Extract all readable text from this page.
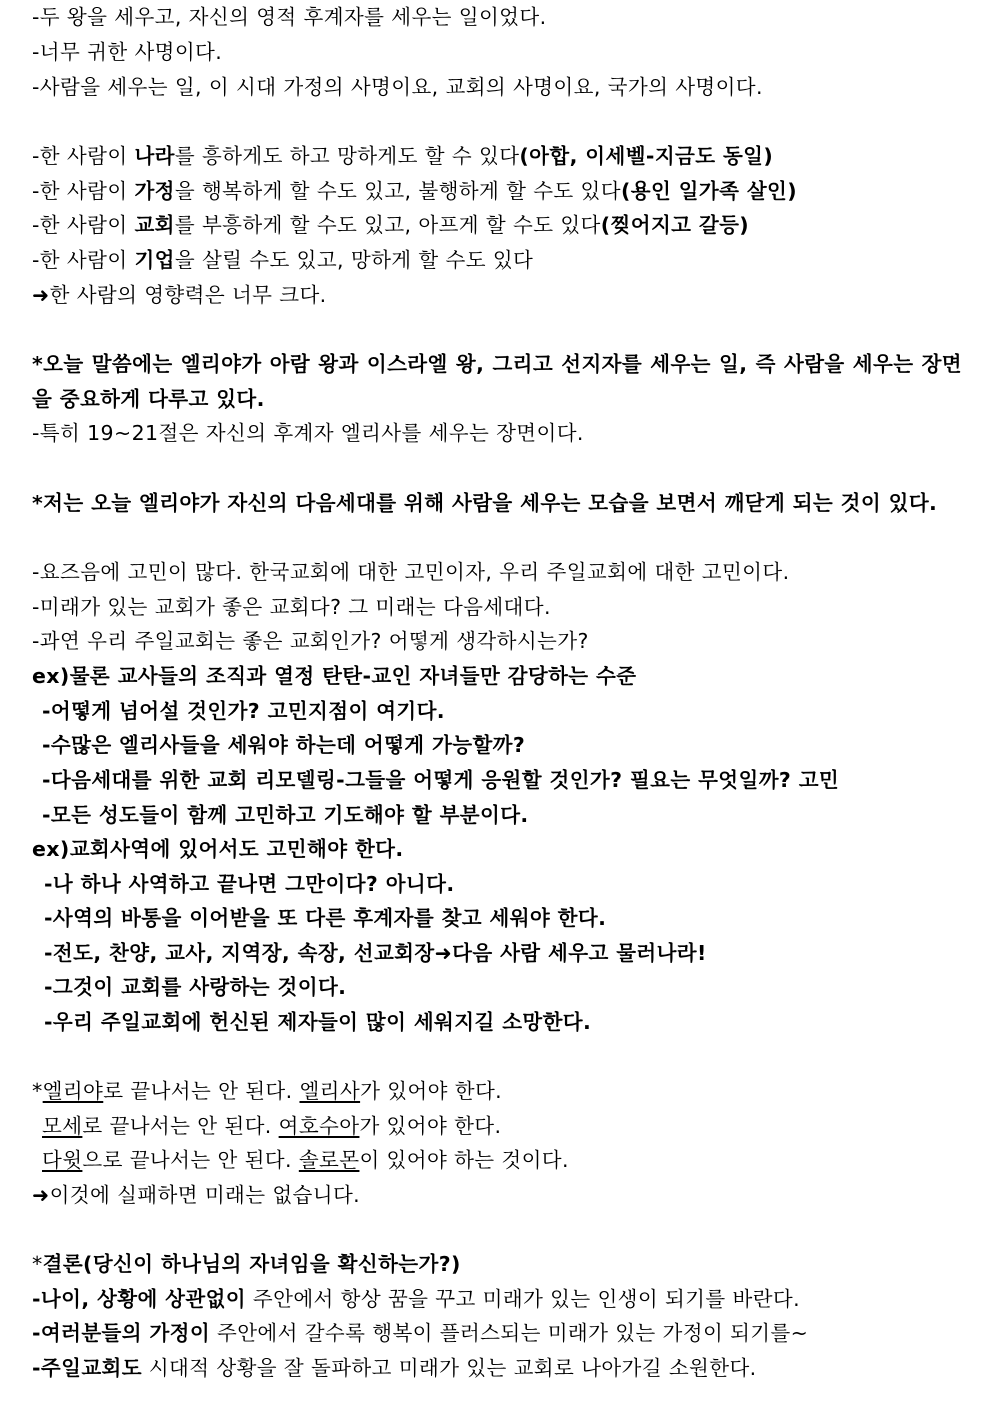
-두 왕을 세우고, 자신의 영적 후계자를 세우는 일이었다.
-너무 귀한 사명이다.
-사람을 세우는 일, 이 시대 가정의 사명이요, 교회의 사명이요, 국가의 사명이다.
-한 사람이 나라를 흥하게도 하고 망하게도 할 수 있다(아합, 이세벨-지금도 동일)
-한 사람이 가정을 행복하게 할 수도 있고, 불행하게 할 수도 있다(용인 일가족 살인)
-한 사람이 교회를 부흥하게 할 수도 있고, 아프게 할 수도 있다(찢어지고 갈등)
-한 사람이 기업을 살릴 수도 있고, 망하게 할 수도 있다
➜한 사람의 영향력은 너무 크다.
*오늘 말씀에는 엘리야가 아람 왕과 이스라엘 왕, 그리고 선지자를 세우는 일, 즉 사람을 세우는 장면을 중요하게 다루고 있다.
-특히 19~21절은 자신의 후계자 엘리사를 세우는 장면이다.
*저는 오늘 엘리야가 자신의 다음세대를 위해 사람을 세우는 모습을 보면서 깨닫게 되는 것이 있다.
-요즈음에 고민이 많다. 한국교회에 대한 고민이자, 우리 주일교회에 대한 고민이다.
-미래가 있는 교회가 좋은 교회다? 그 미래는 다음세대다.
-과연 우리 주일교회는 좋은 교회인가? 어떻게 생각하시는가?
ex)물론 교사들의 조직과 열정 탄탄-교인 자녀들만 감당하는 수준
-어떻게 넘어설 것인가? 고민지점이 여기다.
-수많은 엘리사들을 세워야 하는데 어떻게 가능할까?
-다음세대를 위한 교회 리모델링-그들을 어떻게 응원할 것인가? 필요는 무엇일까? 고민
-모든 성도들이 함께 고민하고 기도해야 할 부분이다.
ex)교회사역에 있어서도 고민해야 한다.
-나 하나 사역하고 끝나면 그만이다? 아니다.
-사역의 바통을 이어받을 또 다른 후계자를 찾고 세워야 한다.
-전도, 찬양, 교사, 지역장, 속장, 선교회장➜다음 사람 세우고 물러나라!
-그것이 교회를 사랑하는 것이다.
-우리 주일교회에 헌신된 제자들이 많이 세워지길 소망한다.
*엘리야로 끝나서는 안 된다. 엘리사가 있어야 한다.
모세로 끝나서는 안 된다. 여호수아가 있어야 한다.
다윗으로 끝나서는 안 된다. 솔로몬이 있어야 하는 것이다.
➜이것에 실패하면 미래는 없습니다.
*결론(당신이 하나님의 자녀임을 확신하는가?)
-나이, 상황에 상관없이 주안에서 항상 꿈을 꾸고 미래가 있는 인생이 되기를 바란다.
-여러분들의 가정이 주안에서 갈수록 행복이 플러스되는 미래가 있는 가정이 되기를~
-주일교회도 시대적 상황을 잘 돌파하고 미래가 있는 교회로 나아가길 소원한다.
